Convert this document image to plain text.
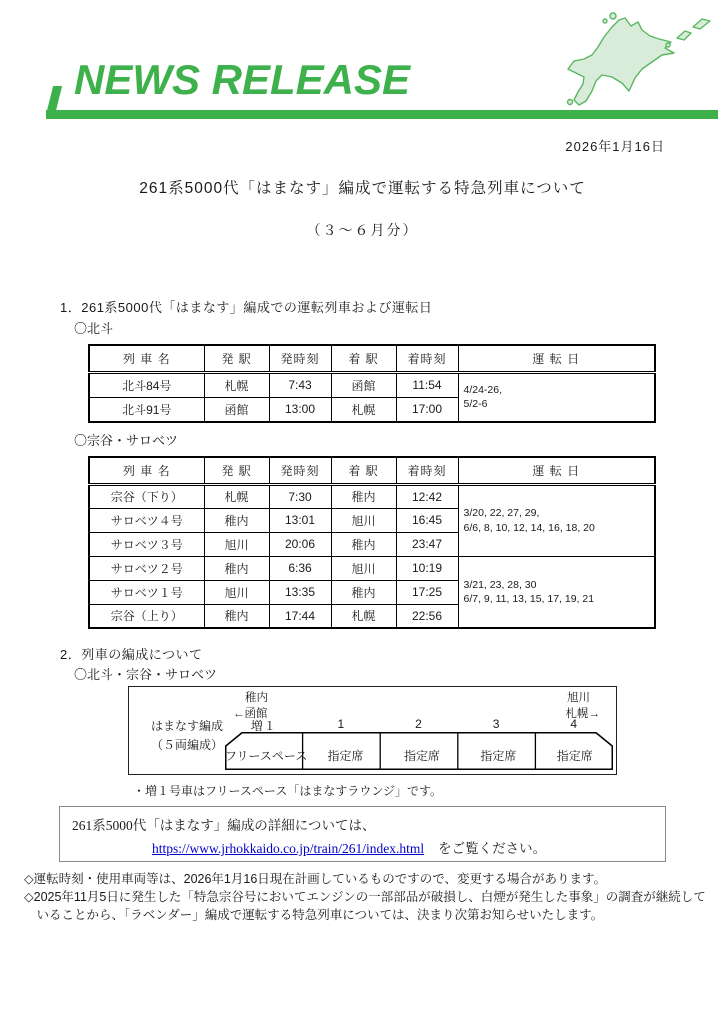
NEWS RELEASE
2026年1月16日
261系5000代「はまなす」編成で運転する特急列車について
（３～６月分）
1．261系5000代「はまなす」編成での運転列車および運転日
〇北斗
列 車 名	発 駅	発時刻	着 駅	着時刻	運 転 日
北斗84号	札幌	7:43	函館	11:54	4/24-26,
5/2-6

北斗91号	函館	13:00	札幌	17:00	
〇宗谷・サロベツ
列 車 名	発 駅	発時刻	着 駅	着時刻	運 転 日
宗谷（下り）	札幌	7:30	稚内	12:42	3/20, 22, 27, 29,
6/6, 8, 10, 12, 14, 16, 18, 20

サロベツ４号	稚内	13:01	旭川	16:45	
サロベツ３号	旭川	20:06	稚内	23:47	
サロベツ２号	稚内	6:36	旭川	10:19	3/21, 23, 28, 30
6/7, 9, 11, 13, 15, 17, 19, 21

サロベツ１号	旭川	13:35	稚内	17:25	
宗谷（上り）	稚内	17:44	札幌	22:56	
2．列車の編成について
〇北斗・宗谷・サロベツ
はまなす編成
（５両編成）
稚内
←函館
旭川
札幌→
増１	1	2	3	4
フリースペース	指定席	指定席	指定席	指定席
・増１号車はフリースペース「はまなすラウンジ」です。
261系5000代「はまなす」編成の詳細については、
https://www.jrhokkaido.co.jp/train/261/index.html をご覧ください。
◇運転時刻・使用車両等は、2026年1月16日現在計画しているものですので、変更する場合があります。
◇2025年11月5日に発生した「特急宗谷号においてエンジンの一部部品が破損し、白煙が発生した事象」の調査が継続していることから、「ラベンダー」編成で運転する特急列車については、決まり次第お知らせいたします。
